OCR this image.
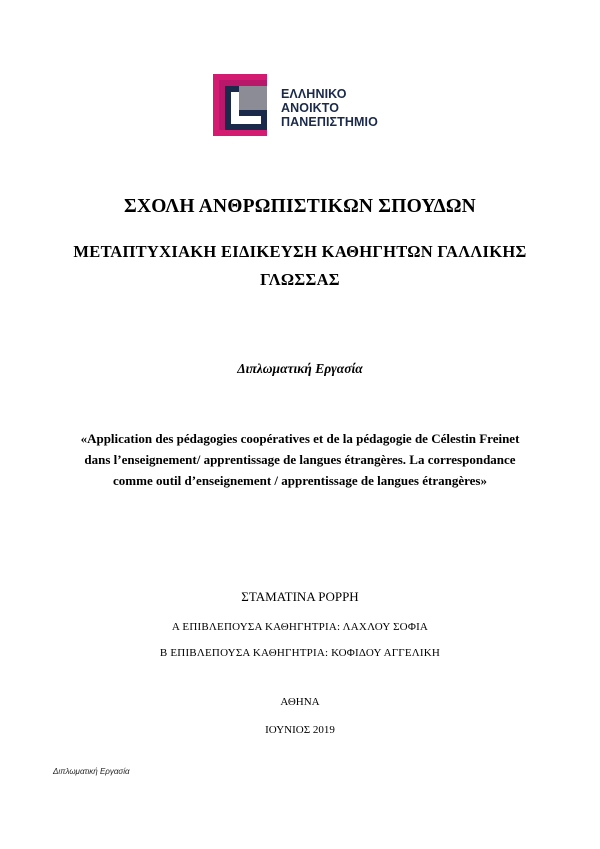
ΕΛΛΗΝΙΚΟ
ΑΝΟΙΚΤΟ
ΠΑΝΕΠΙΣΤΗΜΙΟ
ΣΧΟΛΗ ΑΝΘΡΩΠΙΣΤΙΚΩΝ ΣΠΟΥΔΩΝ
ΜΕΤΑΠΤΥΧΙΑΚΗ ΕΙΔΙΚΕΥΣΗ ΚΑΘΗΓΗΤΩΝ ΓΑΛΛΙΚΗΣ
ΓΛΩΣΣΑΣ
Διπλωματική Εργασία
«Application des pédagogies coopératives et de la pédagogie de Célestin Freinet
dans l’enseignement/ apprentissage de langues étrangères. La correspondance
comme outil d’enseignement / apprentissage de langues étrangères»
ΣΤΑΜΑΤΙΝΑ ΡΟΡΡΗ
Α ΕΠΙΒΛΕΠΟΥΣΑ ΚΑΘΗΓΗΤΡΙΑ: ΛΑΧΛΟΥ ΣΟΦΙΑ
Β ΕΠΙΒΛΕΠΟΥΣΑ ΚΑΘΗΓΗΤΡΙΑ: ΚΟΦΙΔΟΥ ΑΓΓΕΛΙΚΗ
ΑΘΗΝΑ
ΙΟΥΝΙΟΣ 2019
Διπλωματική Εργασία
